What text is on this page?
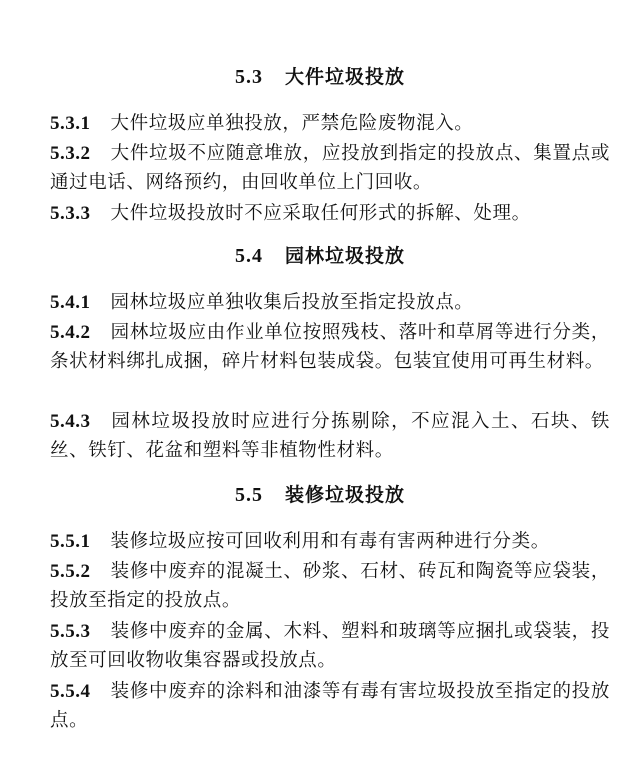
5.3 大件垃圾投放
5.3.1 大件垃圾应单独投放，严禁危险废物混入。
5.3.2 大件垃圾不应随意堆放，应投放到指定的投放点、集置点或通过电话、网络预约，由回收单位上门回收。
5.3.3 大件垃圾投放时不应采取任何形式的拆解、处理。
5.4 园林垃圾投放
5.4.1 园林垃圾应单独收集后投放至指定投放点。
5.4.2 园林垃圾应由作业单位按照残枝、落叶和草屑等进行分类，条状材料绑扎成捆，碎片材料包装成袋。包装宜使用可再生材料。
5.4.3 园林垃圾投放时应进行分拣剔除，不应混入土、石块、铁丝、铁钉、花盆和塑料等非植物性材料。
5.5 装修垃圾投放
5.5.1 装修垃圾应按可回收利用和有毒有害两种进行分类。
5.5.2 装修中废弃的混凝土、砂浆、石材、砖瓦和陶瓷等应袋装，投放至指定的投放点。
5.5.3 装修中废弃的金属、木料、塑料和玻璃等应捆扎或袋装，投放至可回收物收集容器或投放点。
5.5.4 装修中废弃的涂料和油漆等有毒有害垃圾投放至指定的投放点。
